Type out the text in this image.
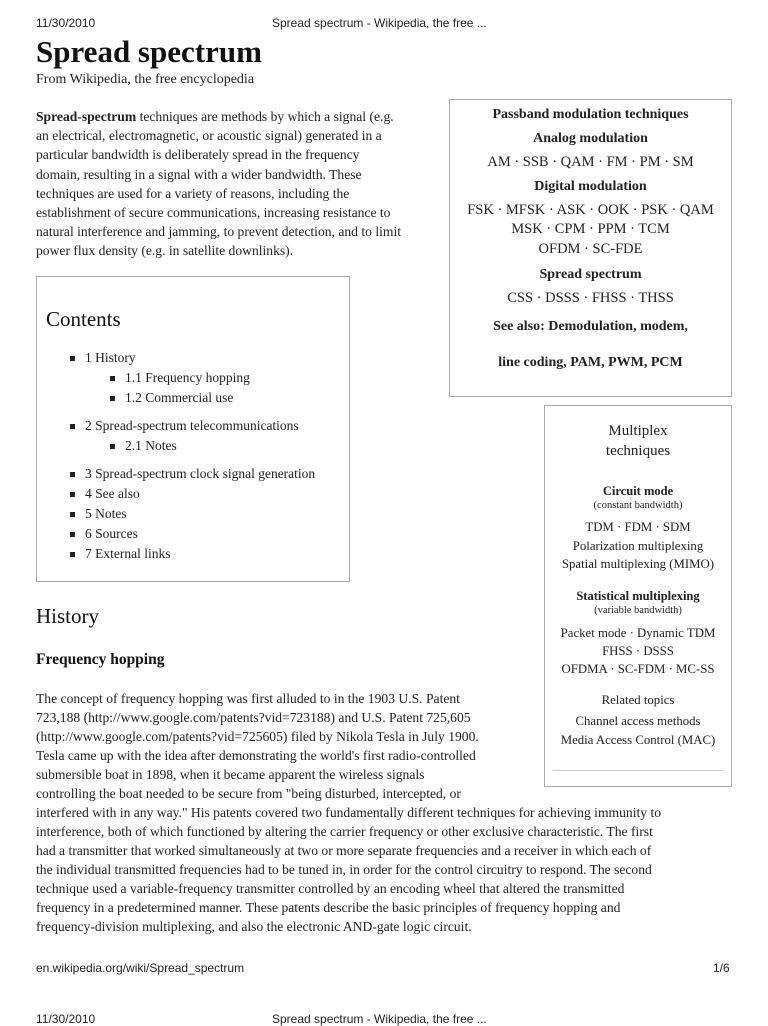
11/30/2010	Spread spectrum - Wikipedia, the free ...
Spread spectrum
From Wikipedia, the free encyclopedia
Spread-spectrum techniques are methods by which a signal (e.g.
an electrical, electromagnetic, or acoustic signal) generated in a
particular bandwidth is deliberately spread in the frequency
domain, resulting in a signal with a wider bandwidth. These
techniques are used for a variety of reasons, including the
establishment of secure communications, increasing resistance to
natural interference and jamming, to prevent detection, and to limit
power flux density (e.g. in satellite downlinks).
Contents
1 History
1.1 Frequency hopping
1.2 Commercial use
2 Spread-spectrum telecommunications
2.1 Notes
3 Spread-spectrum clock signal generation
4 See also
5 Notes
6 Sources
7 External links
Passband modulation techniques
Analog modulation
AM · SSB · QAM · FM · PM · SM
Digital modulation
FSK · MFSK · ASK · OOK · PSK · QAM
MSK · CPM · PPM · TCM
OFDM · SC-FDE
Spread spectrum
CSS · DSSS · FHSS · THSS
See also: Demodulation, modem,
line coding, PAM, PWM, PCM
Multiplex
techniques
Circuit mode
(constant bandwidth)
TDM · FDM · SDM
Polarization multiplexing
Spatial multiplexing (MIMO)
Statistical multiplexing
(variable bandwidth)
Packet mode · Dynamic TDM
FHSS · DSSS
OFDMA · SC-FDM · MC-SS
Related topics
Channel access methods
Media Access Control (MAC)
History
Frequency hopping
The concept of frequency hopping was first alluded to in the 1903 U.S. Patent
723,188 (http://www.google.com/patents?vid=723188) and U.S. Patent 725,605
(http://www.google.com/patents?vid=725605) filed by Nikola Tesla in July 1900.
Tesla came up with the idea after demonstrating the world's first radio-controlled
submersible boat in 1898, when it became apparent the wireless signals
controlling the boat needed to be secure from "being disturbed, intercepted, or
interfered with in any way." His patents covered two fundamentally different techniques for achieving immunity to
interference, both of which functioned by altering the carrier frequency or other exclusive characteristic. The first
had a transmitter that worked simultaneously at two or more separate frequencies and a receiver in which each of
the individual transmitted frequencies had to be tuned in, in order for the control circuitry to respond. The second
technique used a variable-frequency transmitter controlled by an encoding wheel that altered the transmitted
frequency in a predetermined manner. These patents describe the basic principles of frequency hopping and
frequency-division multiplexing, and also the electronic AND-gate logic circuit.
en.wikipedia.org/wiki/Spread_spectrum	1/6
11/30/2010	Spread spectrum - Wikipedia, the free ...
